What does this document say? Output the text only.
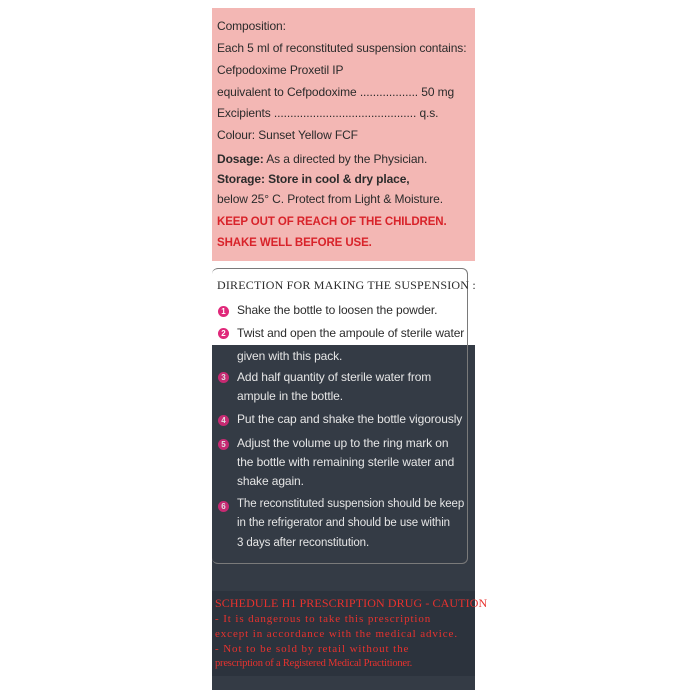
Composition:
Each 5 ml of reconstituted suspension contains:
Cefpodoxime Proxetil IP
equivalent to Cefpodoxime .................. 50 mg
Excipients ............................................ q.s.
Colour: Sunset Yellow FCF
Dosage: As a directed by the Physician.
Storage: Store in cool & dry place,
below 25° C. Protect from Light & Moisture.
KEEP OUT OF REACH OF THE CHILDREN.
SHAKE WELL BEFORE USE.
DIRECTION FOR MAKING THE SUSPENSION :
1 Shake the bottle to loosen the powder.
2 Twist and open the ampoule of sterile water
given with this pack.
3 Add half quantity of sterile water from
ampule in the bottle.
4 Put the cap and shake the bottle vigorously
5 Adjust the volume up to the ring mark on
the bottle with remaining sterile water and
shake again.
6 The reconstituted suspension should be keep
in the refrigerator and should be use within
3 days after reconstitution.
SCHEDULE H1 PRESCRIPTION DRUG - CAUTION
- It is dangerous to take this prescription
except in accordance with the medical advice.
- Not to be sold by retail without the
prescription of a Registered Medical Practitioner.
